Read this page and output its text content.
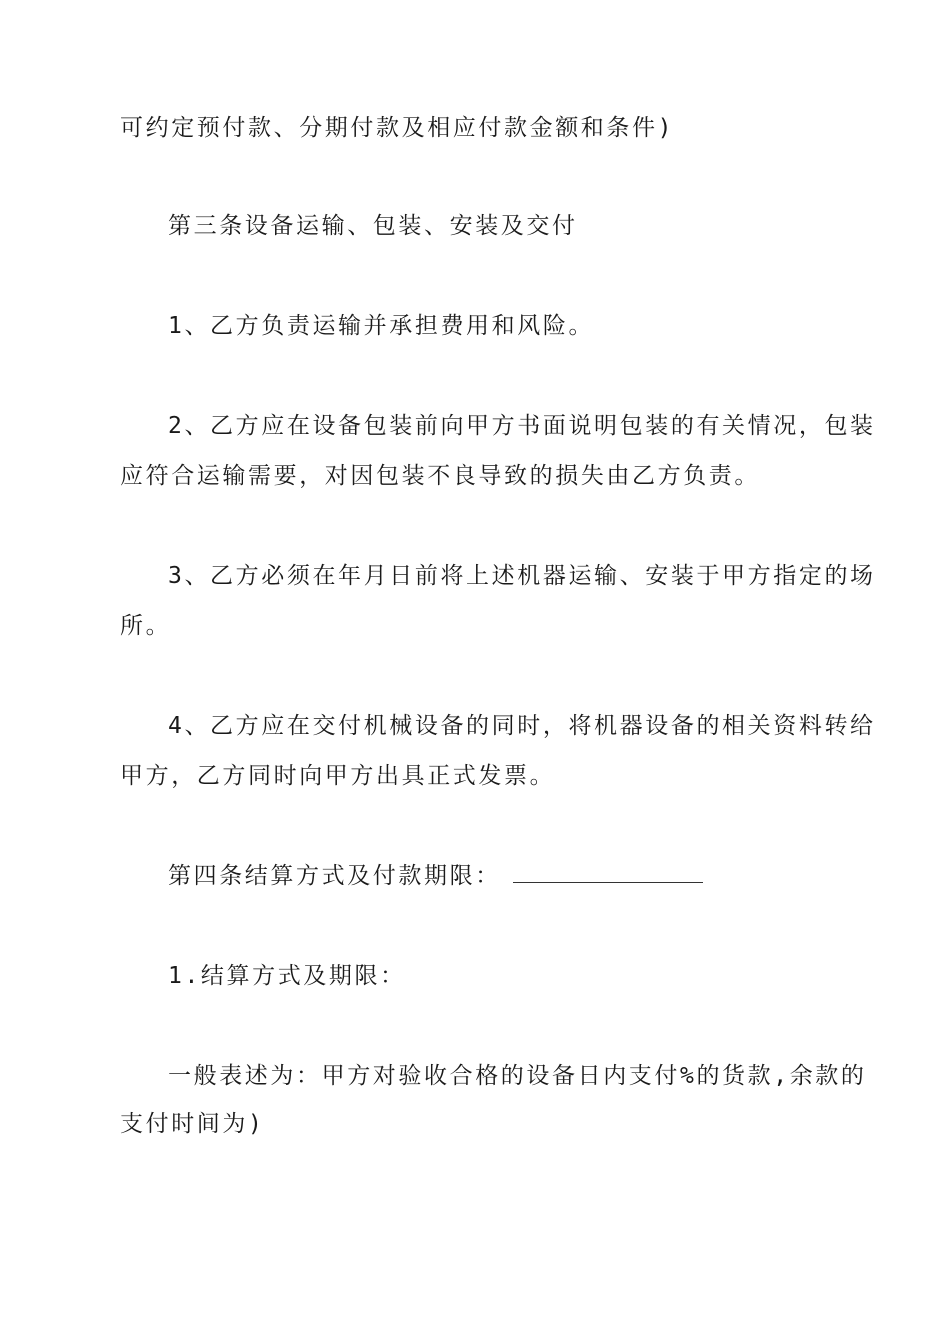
可约定预付款、分期付款及相应付款金额和条件)
第三条设备运输、包装、安装及交付
1、乙方负责运输并承担费用和风险。
2、乙方应在设备包装前向甲方书面说明包装的有关情况，包装
应符合运输需要，对因包装不良导致的损失由乙方负责。
3、乙方必须在年月日前将上述机器运输、安装于甲方指定的场
所。
4、乙方应在交付机械设备的同时，将机器设备的相关资料转给
甲方，乙方同时向甲方出具正式发票。
第四条结算方式及付款期限：
1.结算方式及期限：
一般表述为：甲方对验收合格的设备日内支付%的货款,余款的
支付时间为)
